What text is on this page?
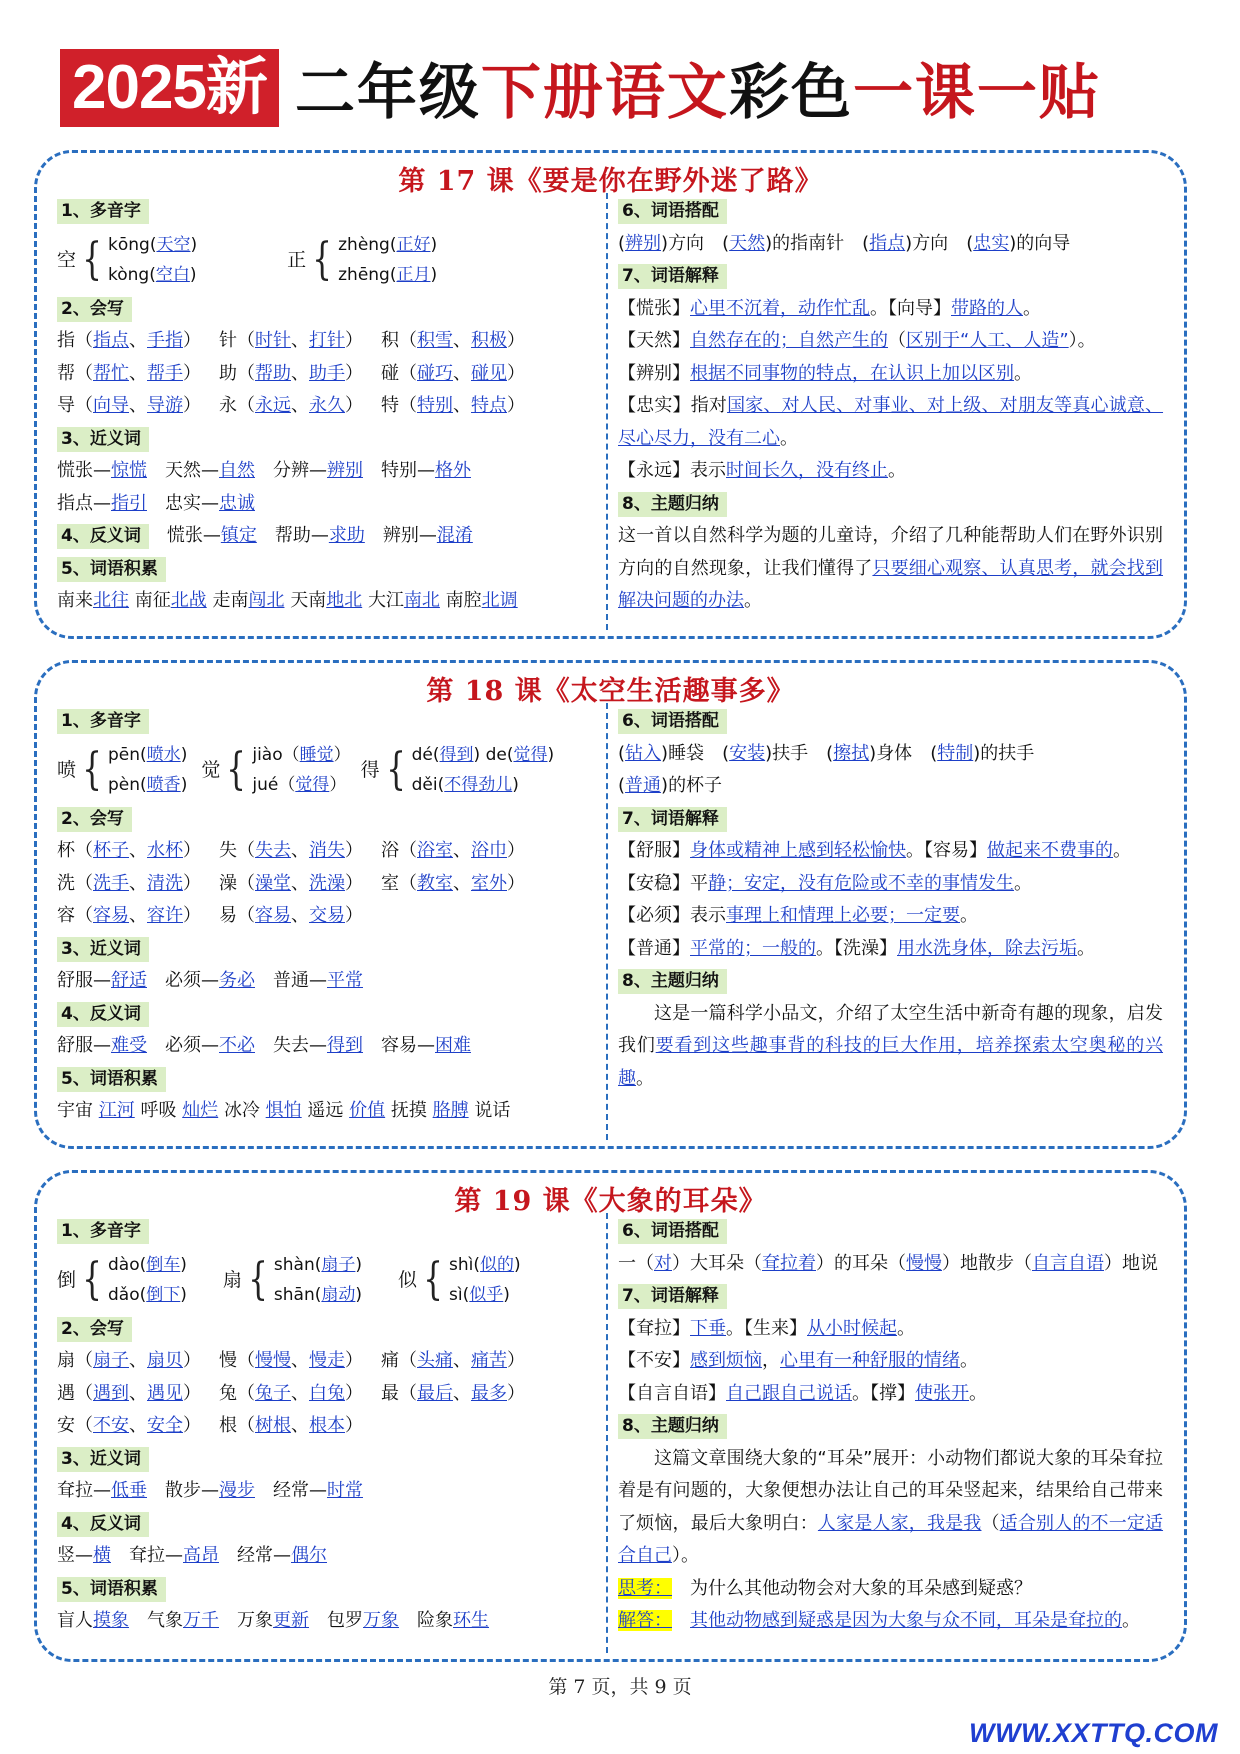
2025新 二年级下册语文彩色一课一贴
第 17 课《要是你在野外迷了路》
1、多音字
空 { kōng(天空)
kòng(空白)
正 { zhèng(正好)
zhēng(正月)
2、会写
指（指点、手指） 针（时针、打针） 积（积雪、积极）
帮（帮忙、帮手） 助（帮助、助手） 碰（碰巧、碰见）
导（向导、导游） 永（永远、永久） 特（特别、特点）
3、近义词
慌张—惊慌 天然—自然 分辨—辨别 特别—格外
指点—指引 忠实—忠诚
4、反义词 慌张—镇定 帮助—求助 辨别—混淆
5、词语积累
南来北往 南征北战 走南闯北 天南地北 大江南北 南腔北调
6、词语搭配
(辨别)方向 (天然)的指南针 (指点)方向 (忠实)的向导
7、词语解释
【慌张】心里不沉着，动作忙乱。【向导】带路的人。
【天然】自然存在的；自然产生的（区别于“人工、人造”）。
【辨别】根据不同事物的特点，在认识上加以区别。
【忠实】指对国家、对人民、对事业、对上级、对朋友等真心诚意、尽心尽力，没有二心。
【永远】表示时间长久，没有终止。
8、主题归纳
这一首以自然科学为题的儿童诗，介绍了几种能帮助人们在野外识别方向的自然现象，让我们懂得了只要细心观察、认真思考，就会找到解决问题的办法。
第 18 课《太空生活趣事多》
1、多音字
喷 { pēn(喷水)
pèn(喷香)
觉 { jiào（睡觉）
jué（觉得）
得 { dé(得到) de(觉得)
děi(不得劲儿)
2、会写
杯（杯子、水杯） 失（失去、消失） 浴（浴室、浴巾）
洗（洗手、清洗） 澡（澡堂、洗澡） 室（教室、室外）
容（容易、容许） 易（容易、交易）
3、近义词
舒服—舒适 必须—务必 普通—平常
4、反义词
舒服—难受 必须—不必 失去—得到 容易—困难
5、词语积累
宇宙 江河 呼吸 灿烂 冰冷 惧怕 遥远 价值 抚摸 胳膊 说话
6、词语搭配
(钻入)睡袋 (安装)扶手 (擦拭)身体 (特制)的扶手
(普通)的杯子
7、词语解释
【舒服】身体或精神上感到轻松愉快。【容易】做起来不费事的。
【安稳】平静；安定，没有危险或不幸的事情发生。
【必须】表示事理上和情理上必要；一定要。
【普通】平常的；一般的。【洗澡】用水洗身体，除去污垢。
8、主题归纳
这是一篇科学小品文，介绍了太空生活中新奇有趣的现象，启发我们要看到这些趣事背的科技的巨大作用，培养探索太空奥秘的兴趣。
第 19 课《大象的耳朵》
1、多音字
倒 { dào(倒车)
dǎo(倒下)
扇 { shàn(扇子)
shān(扇动)
似 { shì(似的)
sì(似乎)
2、会写
扇（扇子、扇贝） 慢（慢慢、慢走） 痛（头痛、痛苦）
遇（遇到、遇见） 兔（兔子、白兔） 最（最后、最多）
安（不安、安全） 根（树根、根本）
3、近义词
耷拉—低垂 散步—漫步 经常—时常
4、反义词
竖—横 耷拉—高昂 经常—偶尔
5、词语积累
盲人摸象 气象万千 万象更新 包罗万象 险象环生
6、词语搭配
一（对）大耳朵（耷拉着）的耳朵（慢慢）地散步（自言自语）地说
7、词语解释
【耷拉】下垂。【生来】从小时候起。
【不安】感到烦恼，心里有一种舒服的情绪。
【自言自语】自己跟自己说话。【撑】使张开。
8、主题归纳
这篇文章围绕大象的“耳朵”展开：小动物们都说大象的耳朵耷拉着是有问题的，大象便想办法让自己的耳朵竖起来，结果给自己带来了烦恼，最后大象明白：人家是人家，我是我（适合别人的不一定适合自己）。
思考： 为什么其他动物会对大象的耳朵感到疑惑？
解答： 其他动物感到疑惑是因为大象与众不同，耳朵是耷拉的。
第 7 页，共 9 页
WWW.XXTTQ.COM
